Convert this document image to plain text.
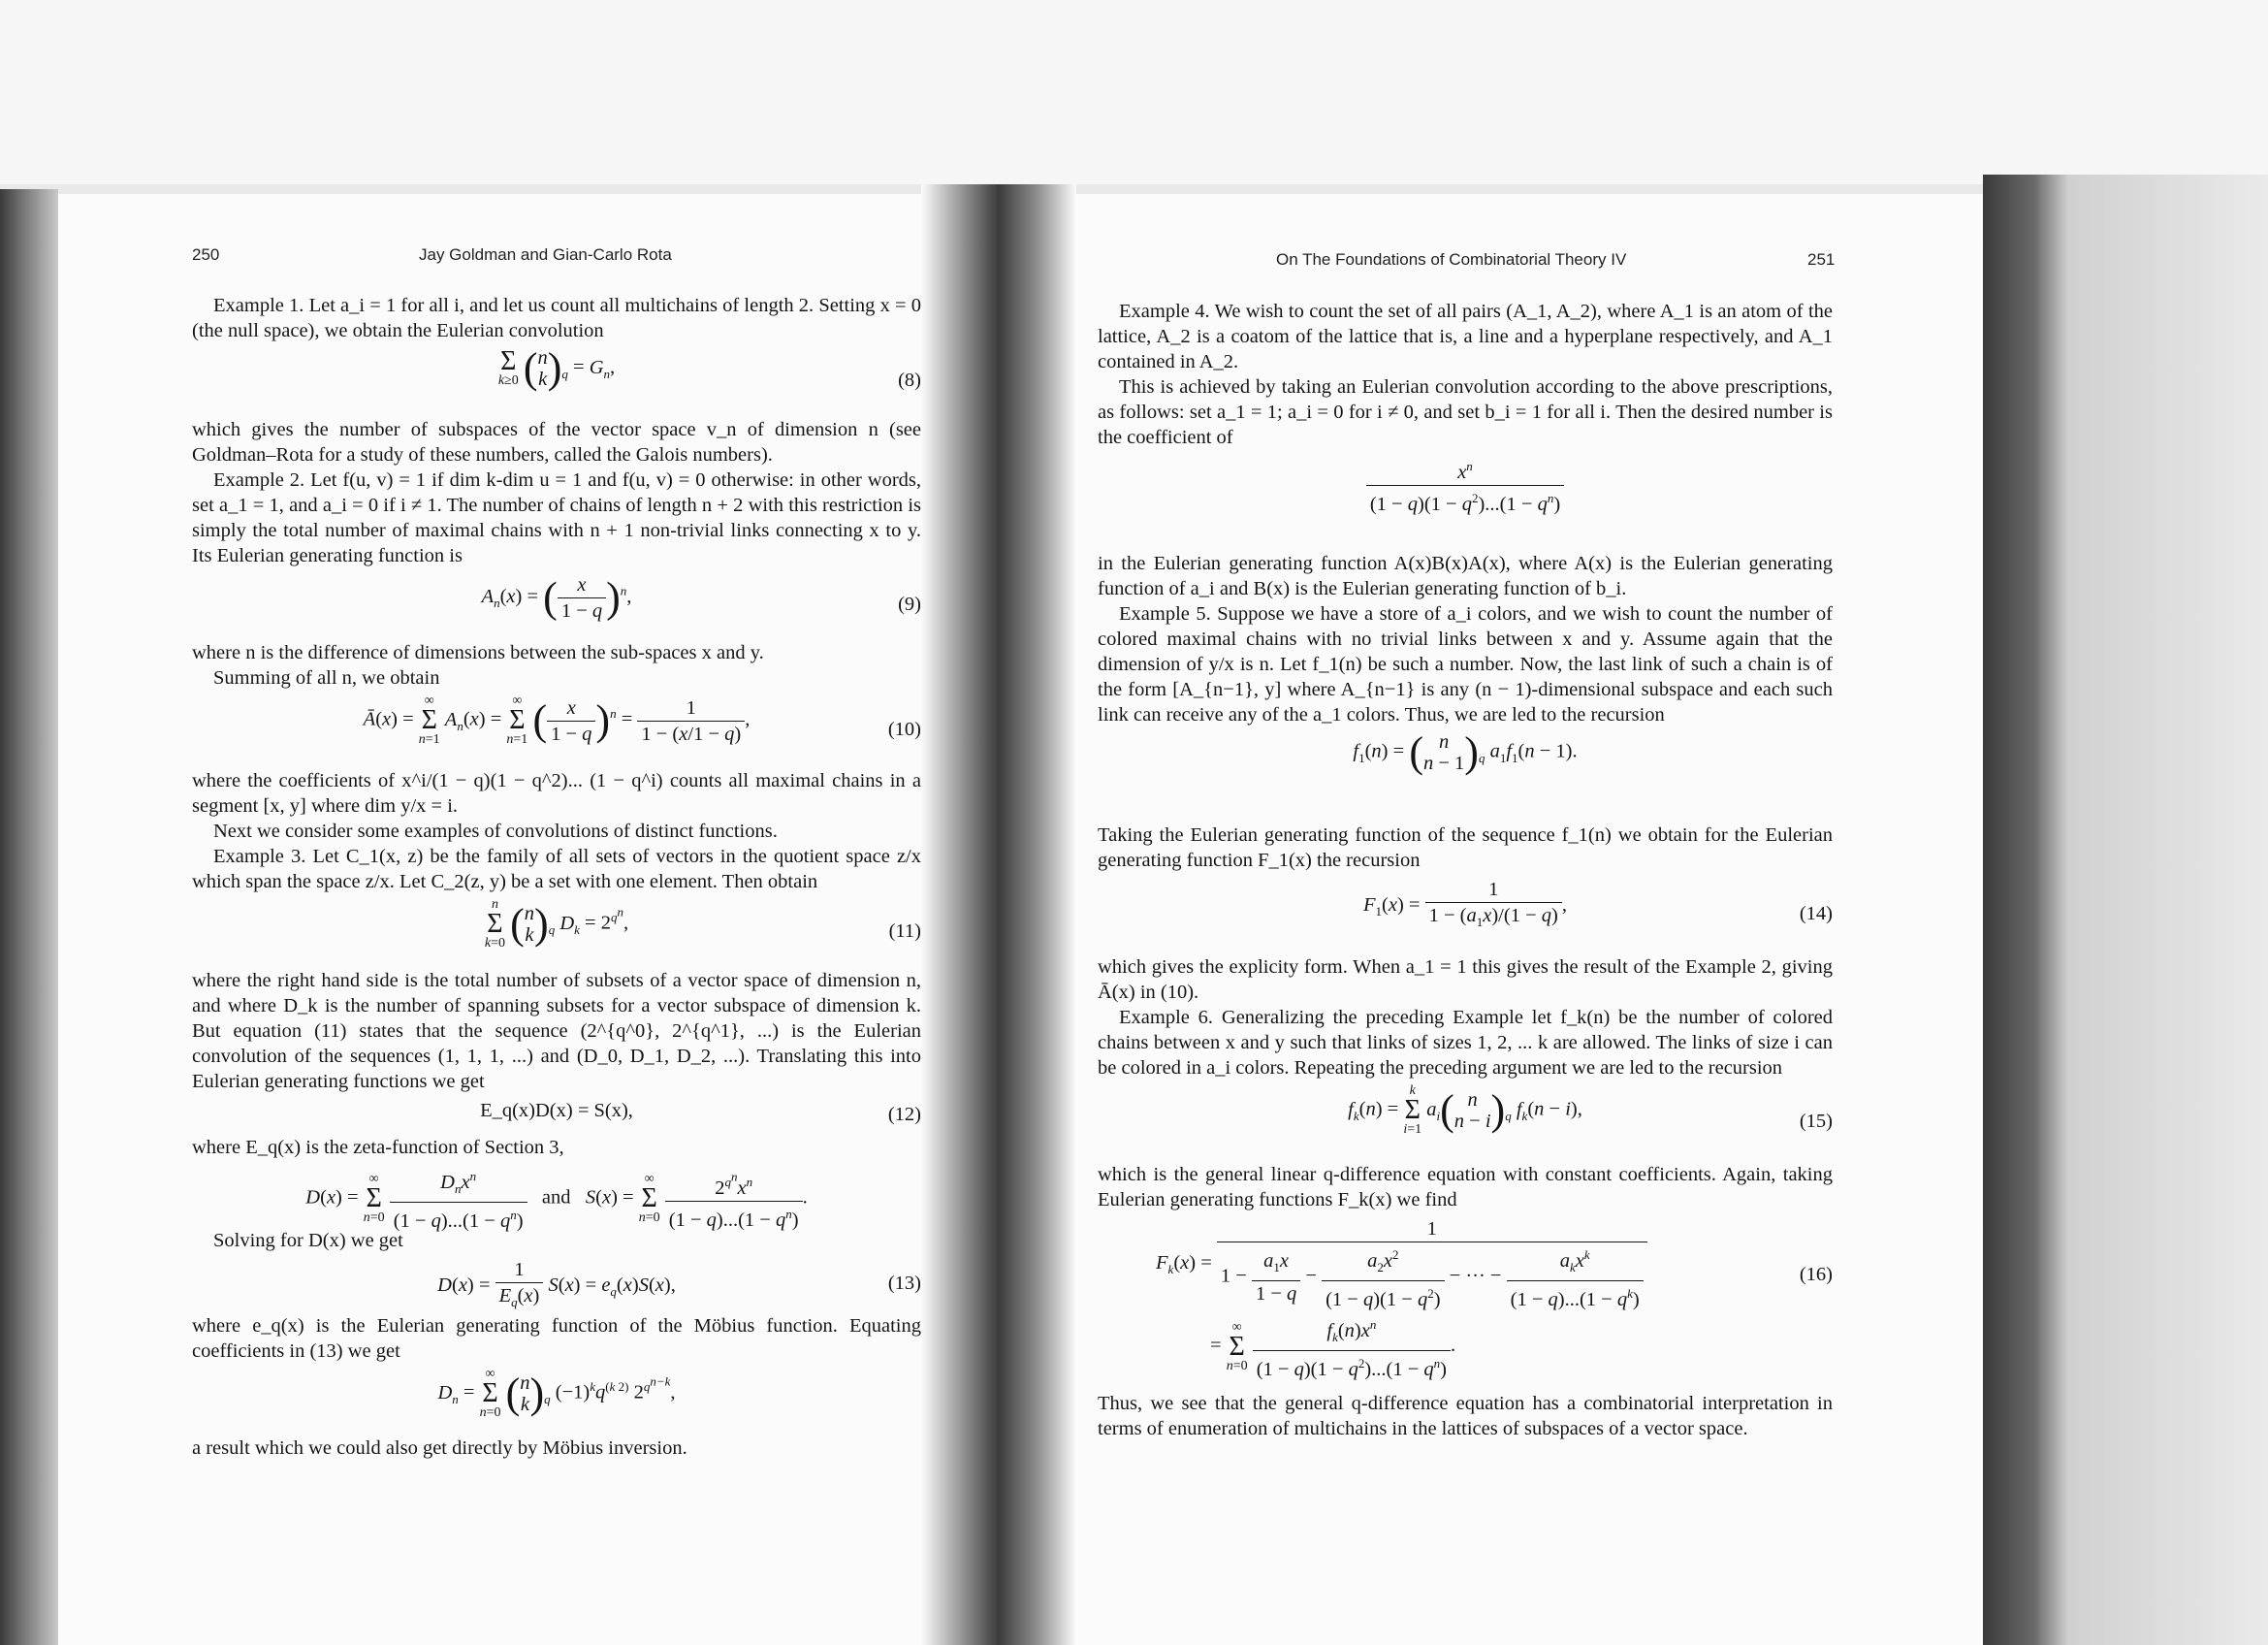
250	Jay Goldman and Gian-Carlo Rota	On The Foundations of Combinatorial Theory IV	251

Example 1. Let a_i = 1 for all i, and let us count all multichains of length 2. Setting x = 0 (the null space), we obtain the Eulerian convolution

Σ
k≥0 (n
$k)_q = G_n$,
(8)

which gives the number of subspaces of the vector space v_n of dimension n (see Goldman–Rota for a study of these numbers, called the Galois numbers).

Example 2. Let f(u, v) = 1 if dim k-dim u = 1 and f(u, v) = 0 otherwise: in other words, set a_1 = 1, and a_i = 0 if i ≠ 1. The number of chains of length n + 2 with this restriction is simply the total number of maximal chains with n + 1 non-trivial links connecting x to y. Its Eulerian generating function is

$A_n(x)$ = ( $\frac{x}{1 - q} )^n$,	(9)

where n is the difference of dimensions between the sub-spaces x and y.

Summing of all n, we obtain

Ā(x) =
∞
Σ
n=1 $A_n(x)$ =
∞
Σ
n=1 ( $\frac{x}{1 - q} )^n = \frac{1}{1 - (x/1 - q)}$ ,	(10)

where the coefficients of x^i/(1 − q)(1 − q^2)... (1 − q^i) counts all maximal chains in a segment [x, y] where dim y/x = i.

Next we consider some examples of convolutions of distinct functions.

Example 3. Let C_1(x, z) be the family of all sets of vectors in the quotient space z/x which span the space z/x. Let C_2(z, y) be a set with one element. Then obtain

n
Σ
k=0 (n
$k)_q$ $D_k = 2^{q^n}$,	(11)

where the right hand side is the total number of subsets of a vector space of dimension n, and where D_k is the number of spanning subsets for a vector subspace of dimension k. But equation (11) states that the sequence (2^{q^0}, 2^{q^1}, ...) is the Eulerian convolution of the sequences (1, 1, 1, ...) and (D_0, D_1, D_2, ...). Translating this into Eulerian generating functions we get

E_q(x)D(x) = S(x),	(12)

where E_q(x) is the zeta-function of Section 3,

D(x) =
∞
Σ
$n=0 \frac{D_nx^n}{(1 - q)...(1 - q^n)}$ and S(x) =
∞
Σ
$n=0 \frac{2^{q^n}x^n}{(1 - q)...(1 - q^n)}$ .

Solving for D(x) we get

$D(x) = \frac{1}{E_q(x)} S(x) = e_q(x)S(x)$,	(13)

where e_q(x) is the Eulerian generating function of the Möbius function. Equating coefficients in (13) we get

$D_n$ =
∞
Σ
n=0 (n
$k)_q$ $(-1)^kq^{(k 2)}$ $2^{q^{n-k}}$,

a result which we could also get directly by Möbius inversion.

Example 4. We wish to count the set of all pairs (A_1, A_2), where A_1 is an atom of the lattice, A_2 is a coatom of the lattice that is, a line and a hyperplane respectively, and A_1 contained in A_2.

This is achieved by taking an Eulerian convolution according to the above prescriptions, as follows: set a_1 = 1; a_i = 0 for i ≠ 0, and set b_i = 1 for all i. Then the desired number is the coefficient of

$\frac{x^n}{(1 - q)(1 - q^2)...(1 - q^n)}$

in the Eulerian generating function A(x)B(x)A(x), where A(x) is the Eulerian generating function of a_i and B(x) is the Eulerian generating function of b_i.

Example 5. Suppose we have a store of a_i colors, and we wish to count the number of colored maximal chains with no trivial links between x and y. Assume again that the dimension of y/x is n. Let f_1(n) be such a number. Now, the last link of such a chain is of the form [A_{n−1}, y] where A_{n−1} is any (n − 1)-dimensional subspace and each such link can receive any of the a_1 colors. Thus, we are led to the recursion

$f_1(n)$ = ( n
$n - 1)_q$ $a_1f_1(n - 1)$.

Taking the Eulerian generating function of the sequence f_1(n) we obtain for the Eulerian generating function F_1(x) the recursion

$F_1(x) = \frac{1}{1 - (a_1x)/(1 - q)}$ ,	(14)

which gives the explicity form. When a_1 = 1 this gives the result of the Example 2, giving Ā(x) in (10).

Example 6. Generalizing the preceding Example let f_k(n) be the number of colored chains between x and y such that links of sizes 1, 2, ... k are allowed. The links of size i can be colored in a_i colors. Repeating the preceding argument we are led to the recursion

$f_k(n)$ =
k
Σ
i=1 $a_i$( n
$n - i)_q$ $f_k(n - i)$,
(15)

which is the general linear q-difference equation with constant coefficients. Again, taking Eulerian generating functions F_k(x) we find

$F_k(x)$ =
1
$1 - \frac{a_1x}{1 - q} - \frac{a_2x^2}{(1 - q)(1 - q^2)}$ − ··· − $\frac{a_kx^k}{(1 - q)...(1 - q^k)}$

=
∞
Σ
$n=0 \frac{f_k(n)x^n}{(1 - q)(1 - q^2)...(1 - q^n)}$ .
(16)

Thus, we see that the general q-difference equation has a combinatorial interpretation in terms of enumeration of multichains in the lattices of subspaces of a vector space.
